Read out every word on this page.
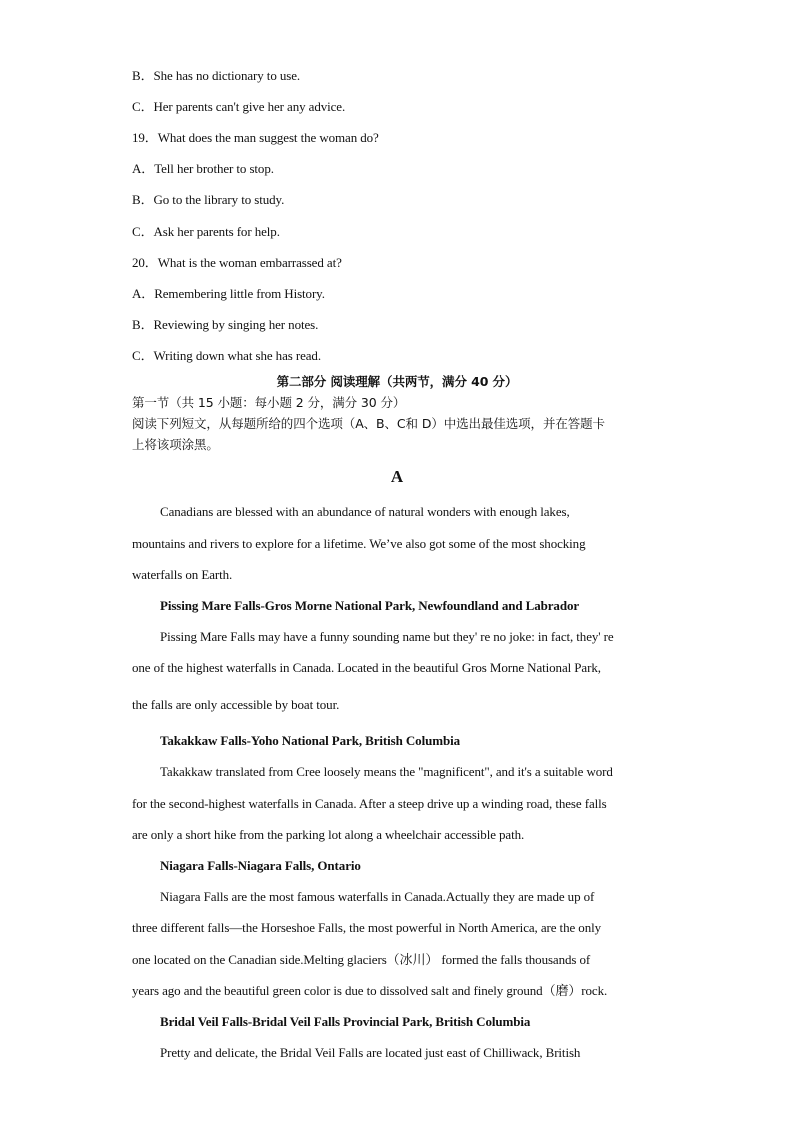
B．She has no dictionary to use.
C．Her parents can't give her any advice.
19．What does the man suggest the woman do?
A．Tell her brother to stop.
B．Go to the library to study.
C．Ask her parents for help.
20．What is the woman embarrassed at?
A．Remembering little from History.
B．Reviewing by singing her notes.
C．Writing down what she has read.
第二部分 阅读理解（共两节，满分 40 分）
第一节（共 15 小题：每小题 2 分，满分 30 分）
阅读下列短文，从每题所给的四个选项（A、B、C和 D）中选出最佳选项，并在答题卡
上将该项涂黑。
A
Canadians are blessed with an abundance of natural wonders with enough lakes,
mountains and rivers to explore for a lifetime. We’ve also got some of the most shocking
waterfalls on Earth.
Pissing Mare Falls-Gros Morne National Park, Newfoundland and Labrador
Pissing Mare Falls may have a funny sounding name but they' re no joke: in fact, they' re
one of the highest waterfalls in Canada. Located in the beautiful Gros Morne National Park,
the falls are only accessible by boat tour.
Takakkaw Falls-Yoho National Park, British Columbia
Takakkaw translated from Cree loosely means the "magnificent", and it's a suitable word
for the second-highest waterfalls in Canada. After a steep drive up a winding road, these falls
are only a short hike from the parking lot along a wheelchair accessible path.
Niagara Falls-Niagara Falls, Ontario
Niagara Falls are the most famous waterfalls in Canada.Actually they are made up of
three different falls—the Horseshoe Falls, the most powerful in North America, are the only
one located on the Canadian side.Melting glaciers（冰川） formed the falls thousands of
years ago and the beautiful green color is due to dissolved salt and finely ground（磨）rock.
Bridal Veil Falls-Bridal Veil Falls Provincial Park, British Columbia
Pretty and delicate, the Bridal Veil Falls are located just east of Chilliwack, British
